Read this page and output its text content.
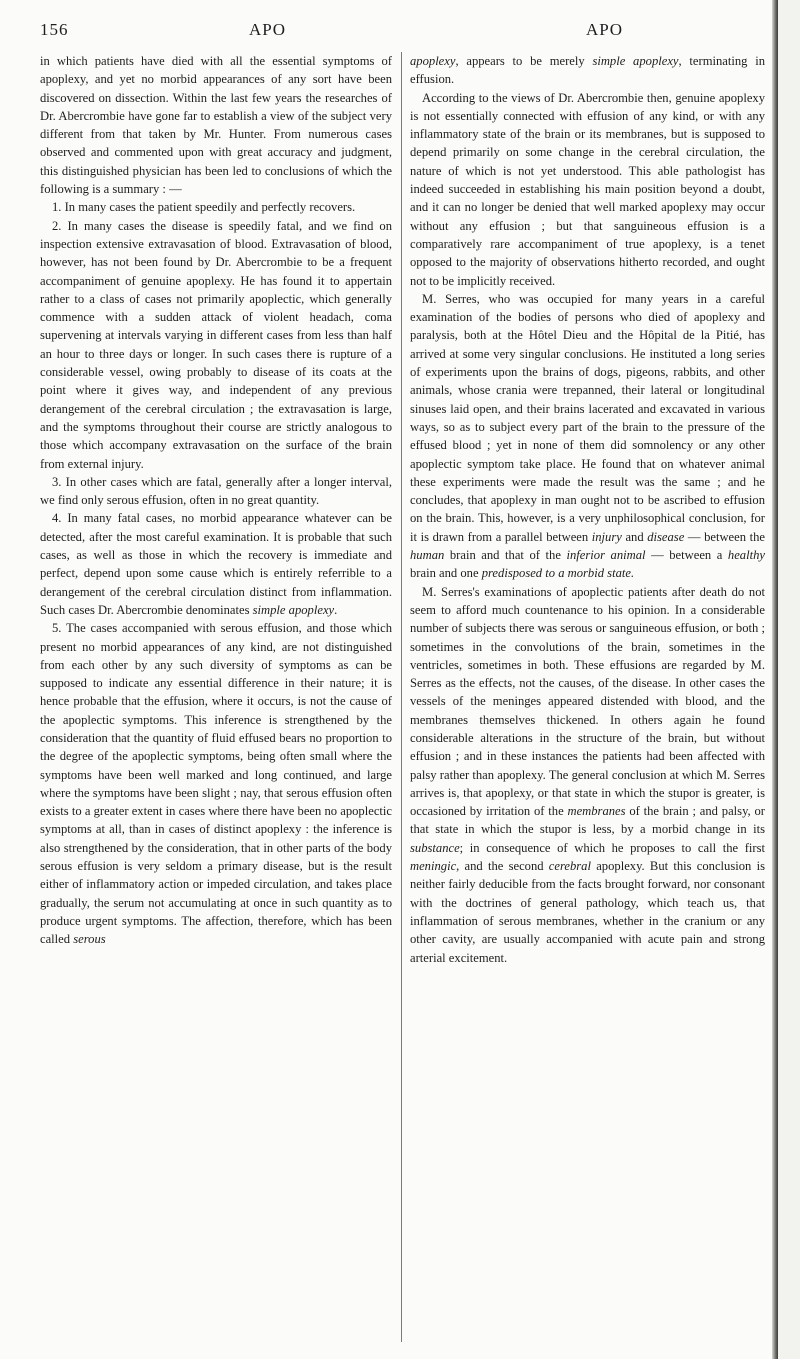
156	APO	APO

in which patients have died with all the essential symptoms of apoplexy, and yet no morbid appearances of any sort have been discovered on dissection. Within the last few years the researches of Dr. Abercrombie have gone far to establish a view of the subject very different from that taken by Mr. Hunter. From numerous cases observed and commented upon with great accuracy and judgment, this distinguished physician has been led to conclusions of which the following is a summary : —

1. In many cases the patient speedily and perfectly recovers.

2. In many cases the disease is speedily fatal, and we find on inspection extensive extravasation of blood. Extravasation of blood, however, has not been found by Dr. Abercrombie to be a frequent accompaniment of genuine apoplexy. He has found it to appertain rather to a class of cases not primarily apoplectic, which generally commence with a sudden attack of violent headach, coma supervening at intervals varying in different cases from less than half an hour to three days or longer. In such cases there is rupture of a considerable vessel, owing probably to disease of its coats at the point where it gives way, and independent of any previous derangement of the cerebral circulation ; the extravasation is large, and the symptoms throughout their course are strictly analogous to those which accompany extravasation on the surface of the brain from external injury.

3. In other cases which are fatal, generally after a longer interval, we find only serous effusion, often in no great quantity.

4. In many fatal cases, no morbid appearance whatever can be detected, after the most careful examination. It is probable that such cases, as well as those in which the recovery is immediate and perfect, depend upon some cause which is entirely referrible to a derangement of the cerebral circulation distinct from inflammation. Such cases Dr. Abercrombie denominates simple apoplexy.

5. The cases accompanied with serous effusion, and those which present no morbid appearances of any kind, are not distinguished from each other by any such diversity of symptoms as can be supposed to indicate any essential difference in their nature; it is hence probable that the effusion, where it occurs, is not the cause of the apoplectic symptoms. This inference is strengthened by the consideration that the quantity of fluid effused bears no proportion to the degree of the apoplectic symptoms, being often small where the symptoms have been well marked and long continued, and large where the symptoms have been slight ; nay, that serous effusion often exists to a greater extent in cases where there have been no apoplectic symptoms at all, than in cases of distinct apoplexy : the inference is also strengthened by the consideration, that in other parts of the body serous effusion is very seldom a primary disease, but is the result either of inflammatory action or impeded circulation, and takes place gradually, the serum not accumulating at once in such quantity as to produce urgent symptoms. The affection, therefore, which has been called serous

apoplexy, appears to be merely simple apoplexy, terminating in effusion.

According to the views of Dr. Abercrombie then, genuine apoplexy is not essentially connected with effusion of any kind, or with any inflammatory state of the brain or its membranes, but is supposed to depend primarily on some change in the cerebral circulation, the nature of which is not yet understood. This able pathologist has indeed succeeded in establishing his main position beyond a doubt, and it can no longer be denied that well marked apoplexy may occur without any effusion ; but that sanguineous effusion is a comparatively rare accompaniment of true apoplexy, is a tenet opposed to the majority of observations hitherto recorded, and ought not to be implicitly received.

M. Serres, who was occupied for many years in a careful examination of the bodies of persons who died of apoplexy and paralysis, both at the Hôtel Dieu and the Hôpital de la Pitié, has arrived at some very singular conclusions. He instituted a long series of experiments upon the brains of dogs, pigeons, rabbits, and other animals, whose crania were trepanned, their lateral or longitudinal sinuses laid open, and their brains lacerated and excavated in various ways, so as to subject every part of the brain to the pressure of the effused blood ; yet in none of them did somnolency or any other apoplectic symptom take place. He found that on whatever animal these experiments were made the result was the same ; and he concludes, that apoplexy in man ought not to be ascribed to effusion on the brain. This, however, is a very unphilosophical conclusion, for it is drawn from a parallel between injury and disease — between the human brain and that of the inferior animal — between a healthy brain and one predisposed to a morbid state.

M. Serres's examinations of apoplectic patients after death do not seem to afford much countenance to his opinion. In a considerable number of subjects there was serous or sanguineous effusion, or both ; sometimes in the convolutions of the brain, sometimes in the ventricles, sometimes in both. These effusions are regarded by M. Serres as the effects, not the causes, of the disease. In other cases the vessels of the meninges appeared distended with blood, and the membranes themselves thickened. In others again he found considerable alterations in the structure of the brain, but without effusion ; and in these instances the patients had been affected with palsy rather than apoplexy. The general conclusion at which M. Serres arrives is, that apoplexy, or that state in which the stupor is greater, is occasioned by irritation of the membranes of the brain ; and palsy, or that state in which the stupor is less, by a morbid change in its substance; in consequence of which he proposes to call the first meningic, and the second cerebral apoplexy. But this conclusion is neither fairly deducible from the facts brought forward, nor consonant with the doctrines of general pathology, which teach us, that inflammation of serous membranes, whether in the cranium or any other cavity, are usually accompanied with acute pain and strong arterial excitement.
